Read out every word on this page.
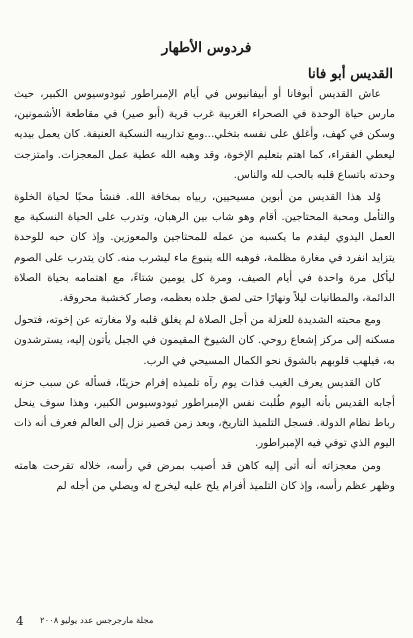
فردوس الأطهار
القديس أبو فانا

عاش القديس أبوفانا أو أبيفانيوس في أيام الإمبراطور ثيودوسيوس الكبير، حيث مارس حياة الوحدة في الصحراء الغربية غرب قرية (أبو صير) في مقاطعة الأشمونين، وسكن في كهف، وأغلق على نفسه بتخلي...ومع تداريبه النسكية العنيفة. كان يعمل بيديه ليعطي الفقراء، كما اهتم بتعليم الإخوة، وقد وهبه الله عطية عمل المعجزات. وامتزجت وحدته باتساع قلبه بالحب لله والناس.

وُلد هذا القديس من أبوين مسيحيين، ربياه بمخافة الله. فنشأ محبًا لحياة الخلوة والتأمل ومحبة المحتاجين. أقام وهو شاب بين الرهبان، وتدرب على الحياة النسكية مع العمل اليدوي ليقدم ما يكسبه من عمله للمحتاجين والمعوزين. وإذ كان حبه للوحدة يتزايد انفرد في مغارة مظلمة، فوهبه الله ينبوع ماء ليشرب منه. كان يتدرب على الصوم ليأكل مرة واحدة في أيام الصيف، ومرة كل يومين شتاءً، مع اهتمامه بحياة الصلاة الدائمة، والمطانيات ليلاً ونهارًا حتى لصق جلده بعظمه، وصار كخشبة محروقة.

ومع محبته الشديدة للعزلة من أجل الصلاة لم يغلق قلبه ولا مغارته عن إخوته، فتحول مسكنه إلى مركز إشعاع روحي. كان الشيوخ المقيمون في الجبل يأتون إليه، يسترشدون به، فيلهب قلوبهم بالشوق نحو الكمال المسيحي في الرب.

كان القديس يعرف الغيب فذات يوم رآه تلميذه إفرام حزينًا، فسأله عن سبب حزنه أجابه القديس بأنه اليوم طُلبت نفس الإمبراطور ثيودوسيوس الكبير، وهذا سوف ينحل رباط نظام الدولة. فسجل التلميذ التاريخ، وبعد زمن قصير نزل إلى العالم فعرف أنه ذات اليوم الذي توفي فيه الإمبراطور.

ومن معجزاته أنه أتى إليه كاهن قد أصيب بمرض في رأسه، خلاله تقرحت هامته وظهر عظم رأسه، وإذ كان التلميذ أفرام يلح عليه ليخرج له ويصلي من أجله لم

4 مجلة مارجرجس عدد يوليو ٢٠٠٨
